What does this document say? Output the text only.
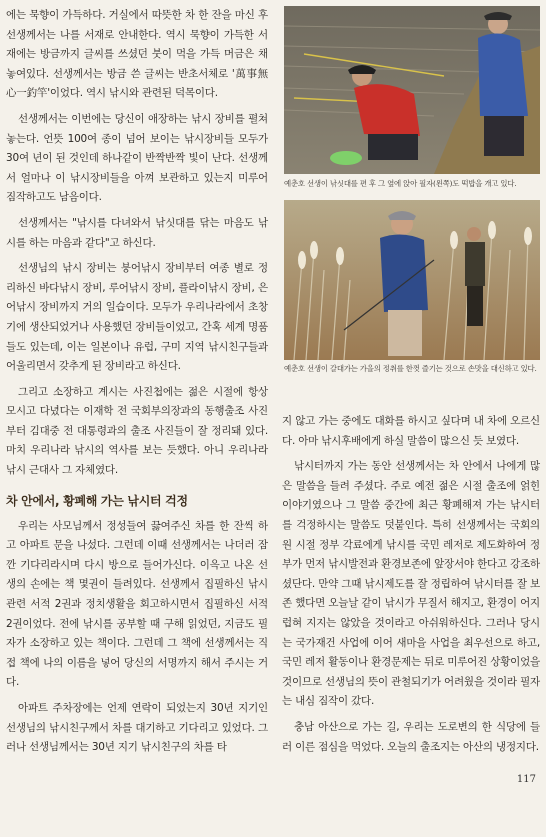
에는 묵향이 가득하다. 거실에서 따뜻한 차 한 잔을 마신 후 선생께서는 나를 서재로 안내한다. 역시 묵향이 가득한 서재에는 방금까지 글씨를 쓰셨던 붓이 먹을 가득 머금은 채 놓여있다. 선생께서는 방금 쓴 글씨는 반초서체로 '萬事無心一釣竿'이었다. 역시 낚시와 관련된 덕목이다.

선생께서는 이번에는 당신이 애장하는 낚시 장비를 펼쳐놓는다. 언뜻 100여 종이 넘어 보이는 낚시장비들 모두가 30여 년이 된 것인데 하나같이 반짝반짝 빛이 난다. 선생께서 얼마나 이 낚시장비들을 아껴 보관하고 있는지 미루어 짐작하고도 남음이다.

선생께서는 "낚시를 다녀와서 낚싯대를 닦는 마음도 낚시를 하는 마음과 같다"고 하신다.

선생님의 낚시 장비는 붕어낚시 장비부터 여종 별로 정리하신 바다낚시 장비, 루어낚시 장비, 플라이낚시 장비, 은어낚시 장비까지 거의 일습이다. 모두가 우리나라에서 초창기에 생산되었거나 사용했던 장비들이었고, 간혹 세계 명품들도 있는데, 이는 일본이나 유럽, 구미 지역 낚시친구들과 어울리면서 갖추게 된 장비라고 하신다.

그리고 소장하고 계시는 사진첩에는 젊은 시절에 항상 모시고 다녔다는 이재학 전 국회부의장과의 동행출조 사진부터 김대중 전 대통령과의 출조 사진들이 잘 정리돼 있다. 마치 우리나라 낚시의 역사를 보는 듯했다. 아니 우리나라 낚시 근대사 그 자체였다.

차 안에서, 황폐해 가는 낚시터 걱정

우리는 사모님께서 정성들여 끓여주신 차를 한 잔씩 하고 아파트 문을 나섰다. 그런데 이때 선생께서는 나더러 잠깐 기다리라시며 다시 방으로 들어가신다. 이윽고 나온 선생의 손에는 책 몇권이 들려있다. 선생께서 집필하신 낚시 관련 서적 2권과 정치생활을 회고하시면서 집필하신 서적 2권이었다. 전에 낚시를 공부할 때 구해 읽었던, 지금도 필자가 소장하고 있는 책이다. 그런데 그 책에 선생께서는 직접 책에 나의 이름을 넣어 당신의 서명까지 해서 주시는 거다.

아파트 주차장에는 언제 연락이 되었는지 30년 지기인 선생님의 낚시친구께서 차를 대기하고 기다리고 있었다. 그러나 선생님께서는 30년 지기 낚시친구의 차를 타

예춘호 선생이 낚싯대를 편 후 그 옆에 앉아 필자(왼쪽)도 떡밥을 개고 있다.
예춘호 선생이 갈대가는 가을의 정취를 한껏 즐기는 것으로 손맛을 대신하고 있다.

지 않고 가는 중에도 대화를 하시고 싶다며 내 차에 오르신다. 아마 낚시후배에게 하실 말씀이 많으신 듯 보였다.

낚시터까지 가는 동안 선생께서는 차 안에서 나에게 많은 말씀을 들려 주셨다. 주로 예전 젊은 시절 출조에 얽힌 이야기였으나 그 말씀 중간에 최근 황폐해져 가는 낚시터를 걱정하시는 말씀도 덧붙인다. 특히 선생께서는 국회의원 시절 정부 각료에게 낚시를 국민 레저로 제도화하여 정부가 먼저 낚시발전과 환경보존에 앞장서야 한다고 강조하셨단다. 만약 그때 낚시제도를 잘 정립하여 낚시터를 잘 보존 했다면 오늘날 같이 낚시가 무질서 해지고, 환경이 어지럽혀 지지는 않았을 것이라고 아쉬워하신다. 그러나 당시는 국가재건 사업에 이어 새마을 사업을 최우선으로 하고, 국민 레저 활동이나 환경문제는 뒤로 미루어진 상황이었을 것이므로 선생님의 뜻이 관철되기가 어려웠을 것이라 필자는 내심 짐작이 갔다.

충남 아산으로 가는 길, 우리는 도로변의 한 식당에 들러 이른 점심을 먹었다. 오늘의 출조지는 아산의 냉정지다.

117
